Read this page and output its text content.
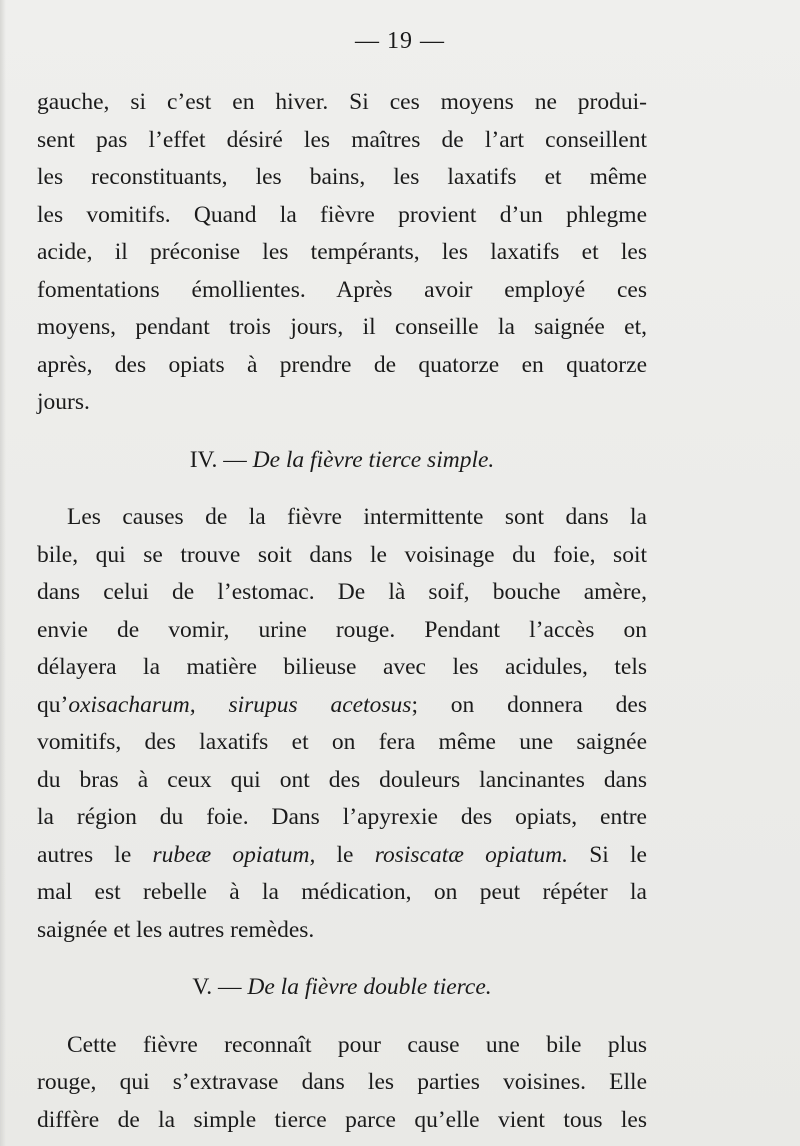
— 19 —
gauche, si c’est en hiver. Si ces moyens ne produi-
sent pas l’effet désiré les maîtres de l’art conseillent
les reconstituants, les bains, les laxatifs et même
les vomitifs. Quand la fièvre provient d’un phlegme
acide, il préconise les tempérants, les laxatifs et les
fomentations émollientes. Après avoir employé ces
moyens, pendant trois jours, il conseille la saignée et,
après, des opiats à prendre de quatorze en quatorze
jours.
IV. — De la fièvre tierce simple.
Les causes de la fièvre intermittente sont dans la
bile, qui se trouve soit dans le voisinage du foie, soit
dans celui de l’estomac. De là soif, bouche amère,
envie de vomir, urine rouge. Pendant l’accès on
délayera la matière bilieuse avec les acidules, tels
qu’oxisacharum, sirupus acetosus; on donnera des
vomitifs, des laxatifs et on fera même une saignée
du bras à ceux qui ont des douleurs lancinantes dans
la région du foie. Dans l’apyrexie des opiats, entre
autres le rubeæ opiatum, le rosiscatæ opiatum. Si le
mal est rebelle à la médication, on peut répéter la
saignée et les autres remèdes.
V. — De la fièvre double tierce.
Cette fièvre reconnaît pour cause une bile plus
rouge, qui s’extravase dans les parties voisines. Elle
diffère de la simple tierce parce qu’elle vient tous les
